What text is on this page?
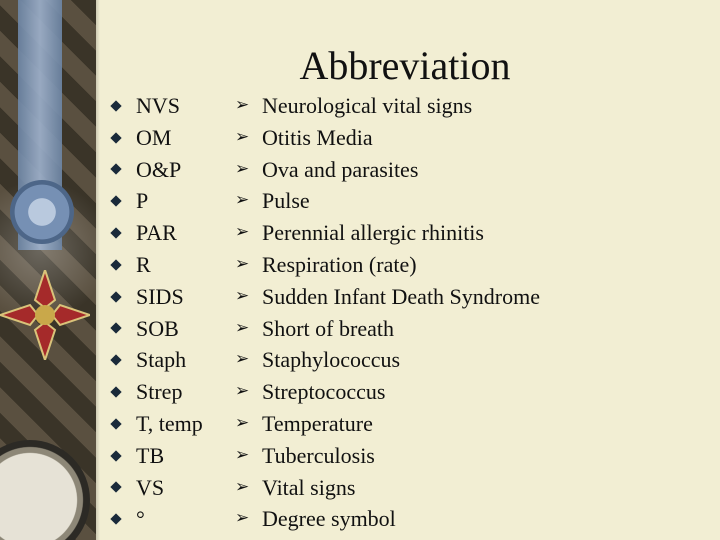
Abbreviation
NVS
OM
O&P
P
PAR
R
SIDS
SOB
Staph
Strep
T, temp
TB
VS
°
➢ Neurological vital signs
➢ Otitis Media
➢ Ova and parasites
➢ Pulse
➢ Perennial allergic rhinitis
➢ Respiration (rate)
➢ Sudden Infant Death Syndrome
➢ Short of breath
➢ Staphylococcus
➢ Streptococcus
➢ Temperature
➢ Tuberculosis
➢ Vital signs
➢ Degree symbol
